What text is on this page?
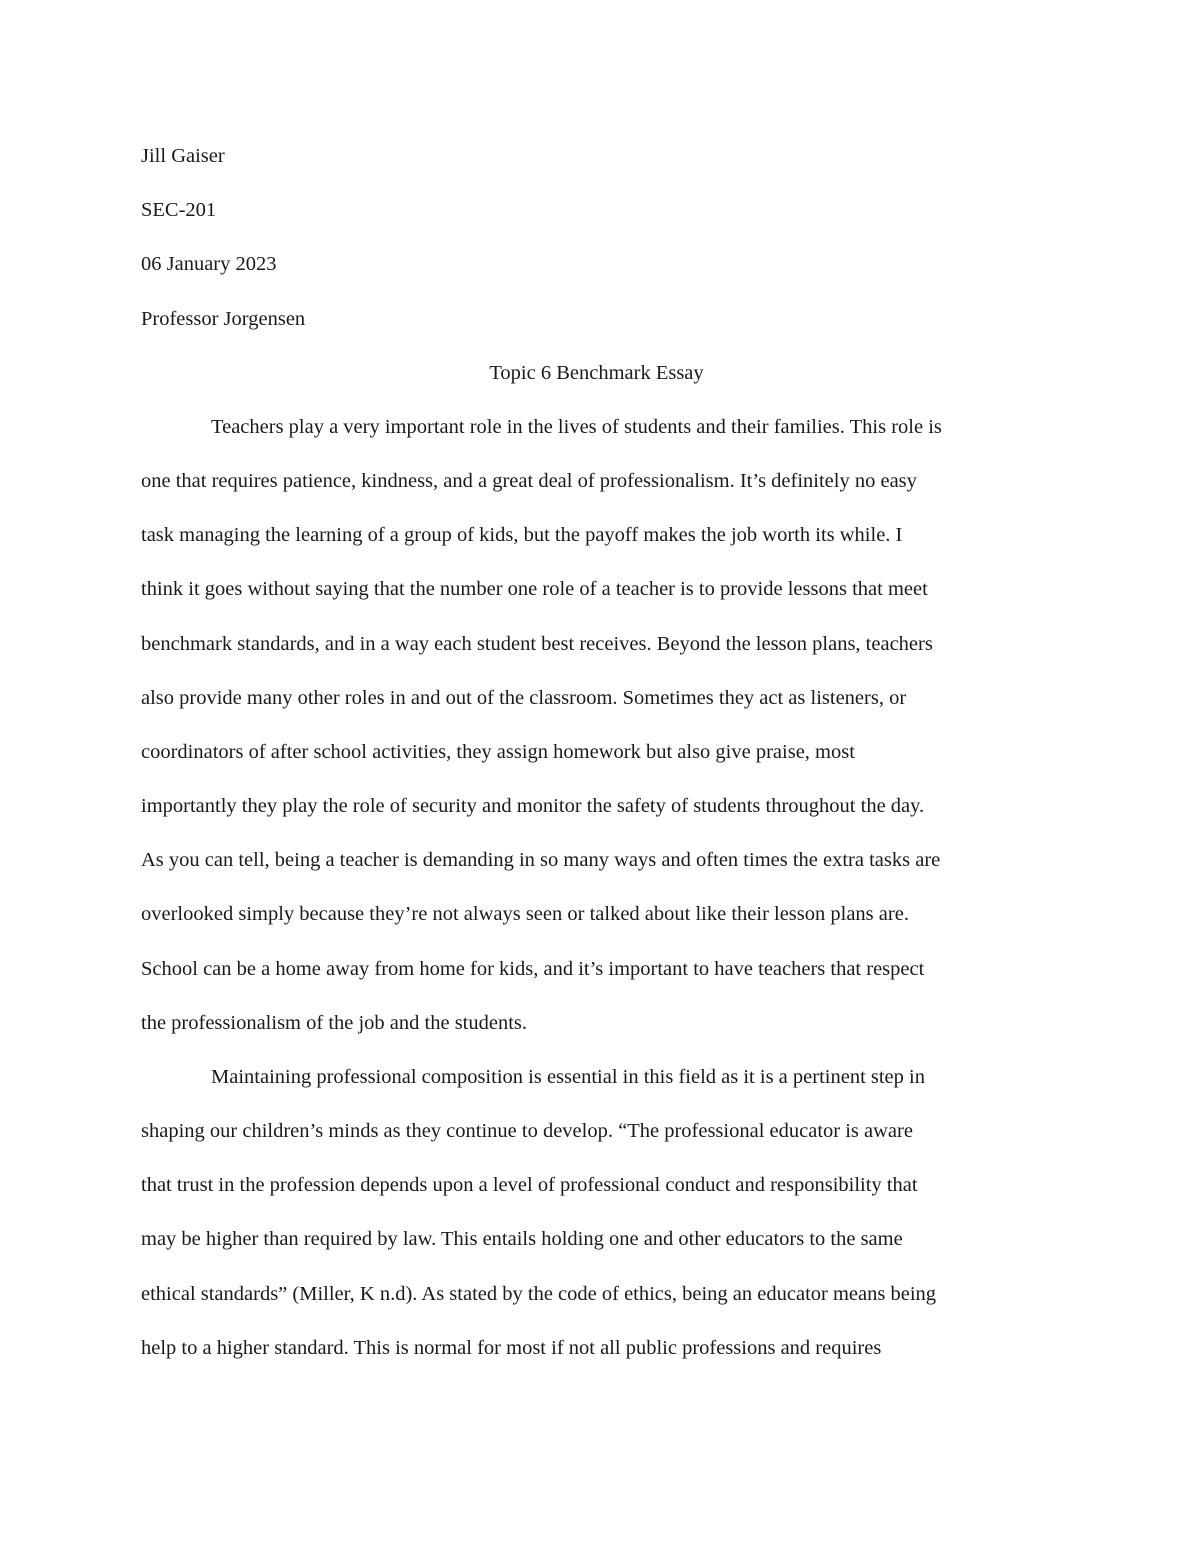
Jill Gaiser

SEC-201

06 January 2023

Professor Jorgensen

Topic 6 Benchmark Essay

Teachers play a very important role in the lives of students and their families. This role is

one that requires patience, kindness, and a great deal of professionalism. It’s definitely no easy

task managing the learning of a group of kids, but the payoff makes the job worth its while. I

think it goes without saying that the number one role of a teacher is to provide lessons that meet

benchmark standards, and in a way each student best receives. Beyond the lesson plans, teachers

also provide many other roles in and out of the classroom. Sometimes they act as listeners, or

coordinators of after school activities, they assign homework but also give praise, most

importantly they play the role of security and monitor the safety of students throughout the day.

As you can tell, being a teacher is demanding in so many ways and often times the extra tasks are

overlooked simply because they’re not always seen or talked about like their lesson plans are.

School can be a home away from home for kids, and it’s important to have teachers that respect

the professionalism of the job and the students.

Maintaining professional composition is essential in this field as it is a pertinent step in

shaping our children’s minds as they continue to develop. “The professional educator is aware

that trust in the profession depends upon a level of professional conduct and responsibility that

may be higher than required by law. This entails holding one and other educators to the same

ethical standards” (Miller, K n.d). As stated by the code of ethics, being an educator means being

help to a higher standard. This is normal for most if not all public professions and requires
